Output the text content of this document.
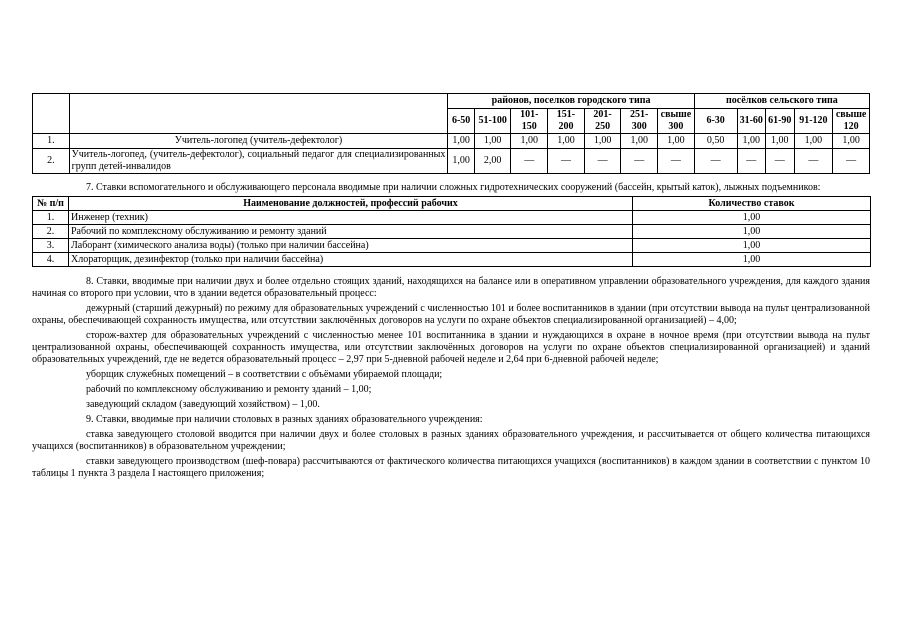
		районов, поселков городского типа							посёлков сельского типа				
		6-50	51-100	101-150	151-200	201-250	251-300	свыше 300	6-30	31-60	61-90	91-120	свыше 120
1.	Учитель-логопед (учитель-дефектолог)	1,00	1,00	1,00	1,00	1,00	1,00	1,00	0,50	1,00	1,00	1,00	1,00
2.	Учитель-логопед, (учитель-дефектолог), социальный педагог для специализированных групп детей-инвалидов	1,00	2,00	—	—	—	—	—	—	—	—	—	—

7. Ставки вспомогательного и обслуживающего персонала вводимые при наличии сложных гидротехнических сооружений (бассейн, крытый каток), лыжных подъемников:

№ п/п	Наименование должностей, профессий рабочих	Количество ставок
1.	Инженер (техник)	1,00
2.	Рабочий по комплексному обслуживанию и ремонту зданий	1,00
3.	Лаборант (химического анализа воды) (только при наличии бассейна)	1,00
4.	Хлораторщик, дезинфектор (только при наличии бассейна)	1,00

8. Ставки, вводимые при наличии двух и более отдельно стоящих зданий, находящихся на балансе или в оперативном управлении образовательного учреждения, для каждого здания начиная со второго при условии, что в здании ведется образовательный процесс:

дежурный (старший дежурный) по режиму для образовательных учреждений с численностью 101 и более воспитанников в здании (при отсутствии вывода на пульт централизованной охраны, обеспечивающей сохранность имущества, или отсутствии заключённых договоров на услуги по охране объектов специализированной организацией) – 4,00;

сторож-вахтер для образовательных учреждений с численностью менее 101 воспитанника в здании и нуждающихся в охране в ночное время (при отсутствии вывода на пульт централизованной охраны, обеспечивающей сохранность имущества, или отсутствии заключённых договоров на услуги по охране объектов специализированной организацией) и зданий образовательных учреждений, где не ведется образовательный процесс – 2,97 при 5-дневной рабочей неделе и 2,64 при 6-дневной рабочей неделе;

уборщик служебных помещений – в соответствии с объёмами убираемой площади;

рабочий по комплексному обслуживанию и ремонту зданий – 1,00;

заведующий складом (заведующий хозяйством) – 1,00.

9. Ставки, вводимые при наличии столовых в разных зданиях образовательного учреждения:

ставка заведующего столовой вводится при наличии двух и более столовых в разных зданиях образовательного учреждения, и рассчитывается от общего количества питающихся учащихся (воспитанников) в образовательном учреждении;

ставки заведующего производством (шеф-повара) рассчитываются от фактического количества питающихся учащихся (воспитанников) в каждом здании в соответствии с пунктом 10 таблицы 1 пункта 3 раздела I настоящего приложения;
